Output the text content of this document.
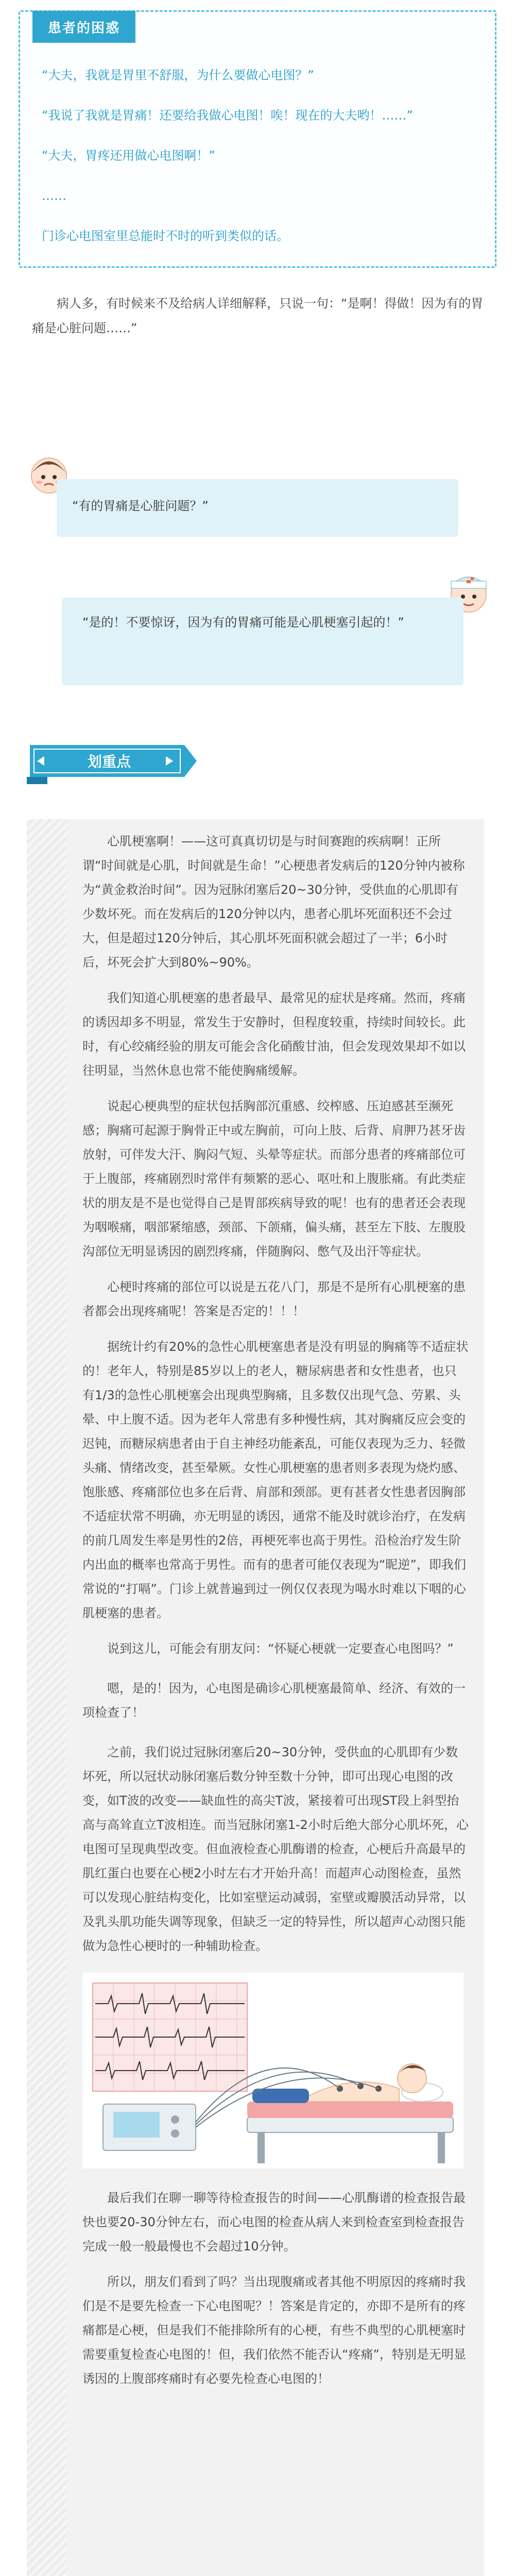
患者的困惑

“大夫，我就是胃里不舒服，为什么要做心电图？”

“我说了我就是胃痛！还要给我做心电图！唉！现在的大夫哟！……”

“大夫，胃疼还用做心电图啊！”

……

门诊心电图室里总能时不时的听到类似的话。

病人多，有时候来不及给病人详细解释，只说一句：“是啊！得做！因为有的胃痛是心脏问题……”

“有的胃痛是心脏问题？”
“是的！不要惊讶，因为有的胃痛可能是心肌梗塞引起的！”
划重点

心肌梗塞啊！——这可真真切切是与时间赛跑的疾病啊！正所谓“时间就是心肌，时间就是生命！”心梗患者发病后的120分钟内被称为“黄金救治时间”。因为冠脉闭塞后20~30分钟，受供血的心肌即有少数坏死。而在发病后的120分钟以内，患者心肌坏死面积还不会过大，但是超过120分钟后，其心肌坏死面积就会超过了一半；6小时后，坏死会扩大到80%~90%。

我们知道心肌梗塞的患者最早、最常见的症状是疼痛。然而，疼痛的诱因却多不明显，常发生于安静时，但程度较重，持续时间较长。此时，有心绞痛经验的朋友可能会含化硝酸甘油，但会发现效果却不如以往明显，当然休息也常不能使胸痛缓解。

说起心梗典型的症状包括胸部沉重感、绞榨感、压迫感甚至濒死感；胸痛可起源于胸骨正中或左胸前，可向上肢、后背、肩胛乃甚牙齿放射，可伴发大汗、胸闷气短、头晕等症状。而部分患者的疼痛部位可于上腹部，疼痛剧烈时常伴有频繁的恶心、呕吐和上腹胀痛。有此类症状的朋友是不是也觉得自己是胃部疾病导致的呢！也有的患者还会表现为咽喉痛，咽部紧缩感，颈部、下颌痛，偏头痛，甚至左下肢、左腹股沟部位无明显诱因的剧烈疼痛，伴随胸闷、憋气及出汗等症状。

心梗时疼痛的部位可以说是五花八门，那是不是所有心肌梗塞的患者都会出现疼痛呢！答案是否定的！！！

据统计约有20%的急性心肌梗塞患者是没有明显的胸痛等不适症状的！老年人，特别是85岁以上的老人，糖尿病患者和女性患者，也只有1/3的急性心肌梗塞会出现典型胸痛，且多数仅出现气急、劳累、头晕、中上腹不适。因为老年人常患有多种慢性病，其对胸痛反应会变的迟钝，而糖尿病患者由于自主神经功能紊乱，可能仅表现为乏力、轻微头痛、情绪改变，甚至晕厥。女性心肌梗塞的患者则多表现为烧灼感、饱胀感、疼痛部位也多在后背、肩部和颈部。更有甚者女性患者因胸部不适症状常不明确，亦无明显的诱因，通常不能及时就诊治疗，在发病的前几周发生率是男性的2倍，再梗死率也高于男性。沿检治疗发生阶内出血的概率也常高于男性。而有的患者可能仅表现为“昵逆”，即我们常说的“打嗝”。门诊上就普遍到过一例仅仅表现为喝水时难以下咽的心肌梗塞的患者。

说到这儿，可能会有朋友问：“怀疑心梗就一定要查心电图吗？”

嗯，是的！因为，心电图是确诊心肌梗塞最简单、经济、有效的一项检查了！

之前，我们说过冠脉闭塞后20~30分钟，受供血的心肌即有少数坏死，所以冠状动脉闭塞后数分钟至数十分钟，即可出现心电图的改变，如T波的改变——缺血性的高尖T波，紧接着可出现ST段上斜型抬高与高耸直立T波相连。而当冠脉闭塞1-2小时后绝大部分心肌坏死，心电图可呈现典型改变。但血液检查心肌酶谱的检查，心梗后升高最早的肌红蛋白也要在心梗2小时左右才开始升高！而超声心动图检查，虽然可以发现心脏结构变化，比如室壁运动减弱，室壁或瓣膜活动异常，以及乳头肌功能失调等现象，但缺乏一定的特异性，所以超声心动图只能做为急性心梗时的一种辅助检查。

最后我们在聊一聊等待检查报告的时间——心肌酶谱的检查报告最快也要20-30分钟左右，而心电图的检查从病人来到检查室到检查报告完成一般一般最慢也不会超过10分钟。

所以，朋友们看到了吗？当出现腹痛或者其他不明原因的疼痛时我们是不是要先检查一下心电图呢？！答案是肯定的，亦即不是所有的疼痛都是心梗，但是我们不能排除所有的心梗，有些不典型的心肌梗塞时需要重复检查心电图的！但，我们依然不能否认“疼痛”，特别是无明显诱因的上腹部疼痛时有必要先检查心电图的！
